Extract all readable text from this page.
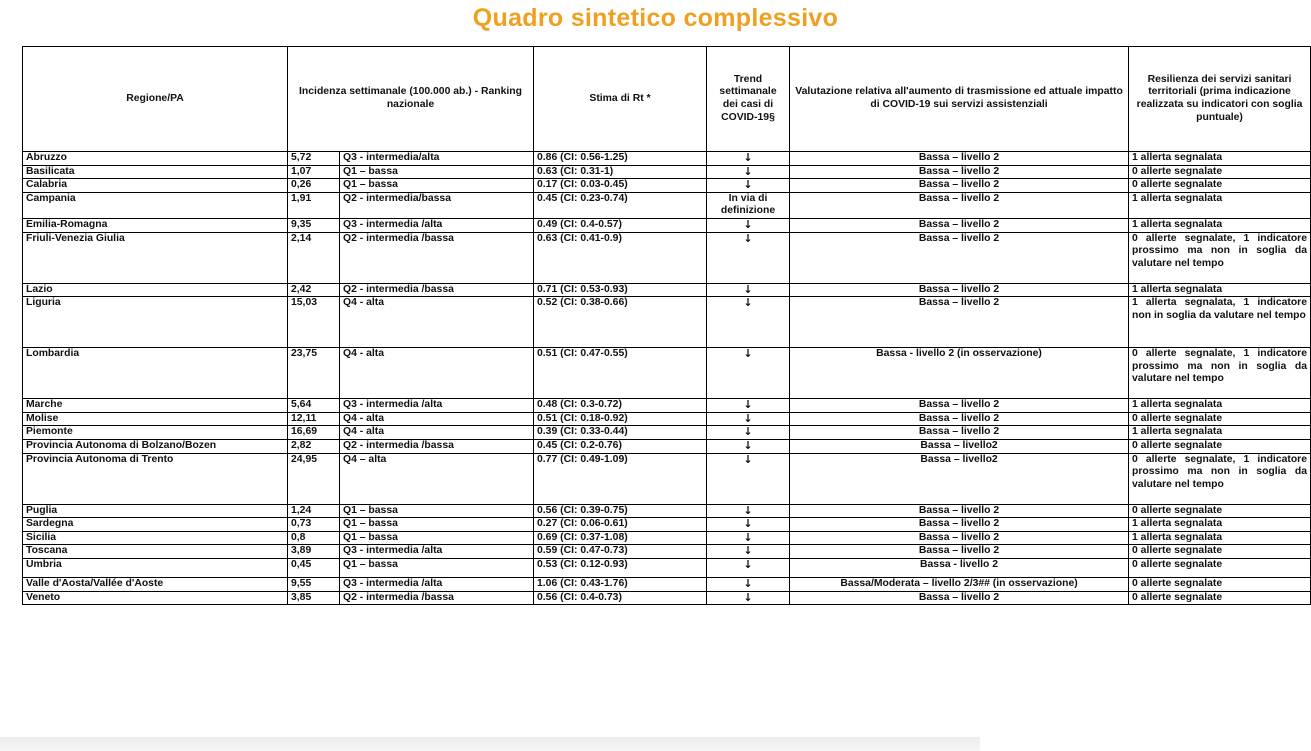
Quadro sintetico complessivo
Regione/PA	Incidenza settimanale (100.000 ab.) - Ranking nazionale		Stima di Rt *	Trend settimanale dei casi di COVID-19§	Valutazione relativa all'aumento di trasmissione ed attuale impatto di COVID-19 sui servizi assistenziali	Resilienza dei servizi sanitari territoriali (prima indicazione realizzata su indicatori con soglia puntuale)
Abruzzo	5,72	Q3 - intermedia/alta	0.86 (CI: 0.56-1.25)	↓	Bassa – livello 2	1 allerta segnalata
Basilicata	1,07	Q1 – bassa	0.63 (CI: 0.31-1)	↓	Bassa – livello 2	0 allerte segnalate
Calabria	0,26	Q1 – bassa	0.17 (CI: 0.03-0.45)	↓	Bassa – livello 2	0 allerte segnalate
Campania	1,91	Q2 - intermedia/bassa	0.45 (CI: 0.23-0.74)	In via di definizione	Bassa – livello 2	1 allerta segnalata
Emilia-Romagna	9,35	Q3 - intermedia /alta	0.49 (CI: 0.4-0.57)	↓	Bassa – livello 2	1 allerta segnalata
Friuli-Venezia Giulia	2,14	Q2 - intermedia /bassa	0.63 (CI: 0.41-0.9)	↓	Bassa – livello 2	0 allerte segnalate, 1 indicatore prossimo ma non in soglia da valutare nel tempo
Lazio	2,42	Q2 - intermedia /bassa	0.71 (CI: 0.53-0.93)	↓	Bassa – livello 2	1 allerta segnalata
Liguria	15,03	Q4 - alta	0.52 (CI: 0.38-0.66)	↓	Bassa – livello 2	1 allerta segnalata, 1 indicatore non in soglia da valutare nel tempo
Lombardia	23,75	Q4 - alta	0.51 (CI: 0.47-0.55)	↓	Bassa - livello 2 (in osservazione)	0 allerte segnalate, 1 indicatore prossimo ma non in soglia da valutare nel tempo
Marche	5,64	Q3 - intermedia /alta	0.48 (CI: 0.3-0.72)	↓	Bassa – livello 2	1 allerta segnalata
Molise	12,11	Q4 - alta	0.51 (CI: 0.18-0.92)	↓	Bassa – livello 2	0 allerte segnalate
Piemonte	16,69	Q4 - alta	0.39 (CI: 0.33-0.44)	↓	Bassa – livello 2	1 allerta segnalata
Provincia Autonoma di Bolzano/Bozen	2,82	Q2 - intermedia /bassa	0.45 (CI: 0.2-0.76)	↓	Bassa – livello2	0 allerte segnalate
Provincia Autonoma di Trento	24,95	Q4 – alta	0.77 (CI: 0.49-1.09)	↓	Bassa – livello2	0 allerte segnalate, 1 indicatore prossimo ma non in soglia da valutare nel tempo
Puglia	1,24	Q1 – bassa	0.56 (CI: 0.39-0.75)	↓	Bassa – livello 2	0 allerte segnalate
Sardegna	0,73	Q1 – bassa	0.27 (CI: 0.06-0.61)	↓	Bassa – livello 2	1 allerta segnalata
Sicilia	0,8	Q1 – bassa	0.69 (CI: 0.37-1.08)	↓	Bassa – livello 2	1 allerta segnalata
Toscana	3,89	Q3 - intermedia /alta	0.59 (CI: 0.47-0.73)	↓	Bassa – livello 2	0 allerte segnalate
Umbria	0,45	Q1 – bassa	0.53 (CI: 0.12-0.93)	↓	Bassa - livello 2	0 allerte segnalate
Valle d'Aosta/Vallée d'Aoste	9,55	Q3 - intermedia /alta	1.06 (CI: 0.43-1.76)	↓	Bassa/Moderata – livello 2/3## (in osservazione)	0 allerte segnalate
Veneto	3,85	Q2 - intermedia /bassa	0.56 (CI: 0.4-0.73)	↓	Bassa – livello 2	0 allerte segnalate
